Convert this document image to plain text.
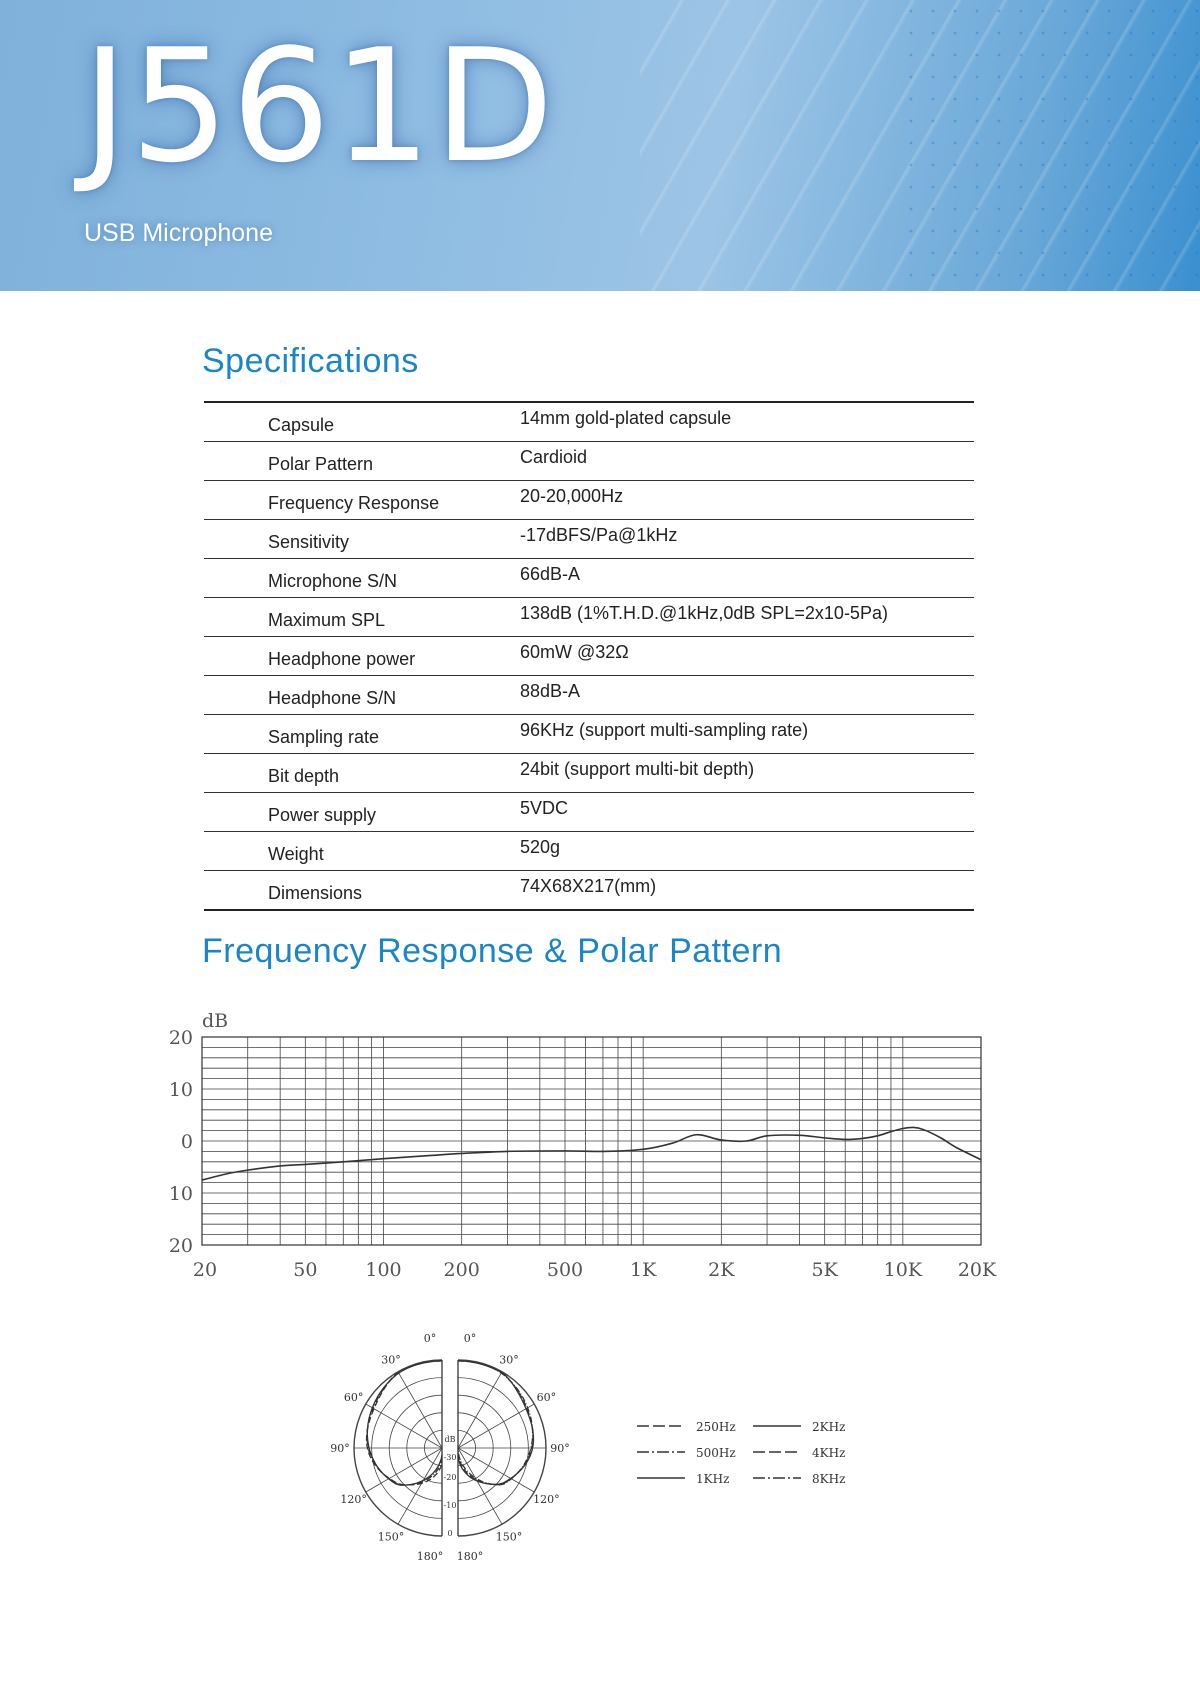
J561D
USB Microphone
Specifications
Capsule	14mm gold-plated capsule
Polar Pattern	Cardioid
Frequency Response	20-20,000Hz
Sensitivity	-17dBFS/Pa@1kHz
Microphone S/N	66dB-A
Maximum SPL	138dB (1%T.H.D.@1kHz,0dB SPL=2x10-5Pa)
Headphone power	60mW @32Ω
Headphone S/N	88dB-A
Sampling rate	96KHz (support multi-sampling rate)
Bit depth	24bit (support multi-bit depth)
Power supply	5VDC
Weight	520g
Dimensions	74X68X217(mm)
Frequency Response & Polar Pattern
20
10
0
10
20
dB
20	50	100 200	500 1K	2K	5K 10K 20K
0°	0°
30°	30°
60°	60°
90°	90°
120°	120°
150°	150°
180° 180°
dB
-30
-20
-10
0
250Hz
500Hz
1KHz
2KHz
4KHz
8KHz
